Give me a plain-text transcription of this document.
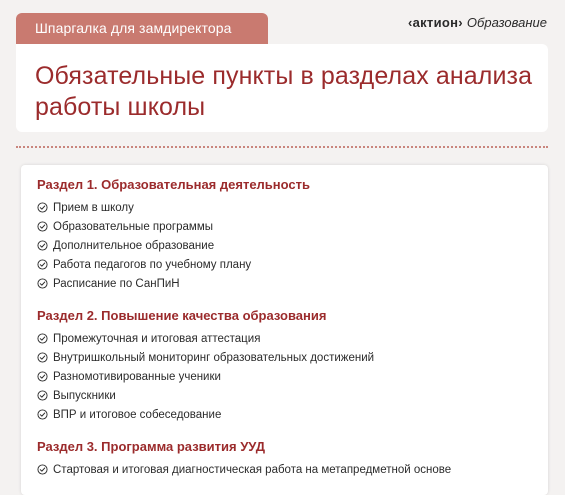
Шпаргалка для замдиректора	‹актион› Образование
Обязательные пункты в разделах анализа работы школы
Раздел 1. Образовательная деятельность
Прием в школу
Образовательные программы
Дополнительное образование
Работа педагогов по учебному плану
Расписание по СанПиН
Раздел 2. Повышение качества образования
Промежуточная и итоговая аттестация
Внутришкольный мониторинг образовательных достижений
Разномотивированные ученики
Выпускники
ВПР и итоговое собеседование
Раздел 3. Программа развития УУД
Стартовая и итоговая диагностическая работа на метапредметной основе
